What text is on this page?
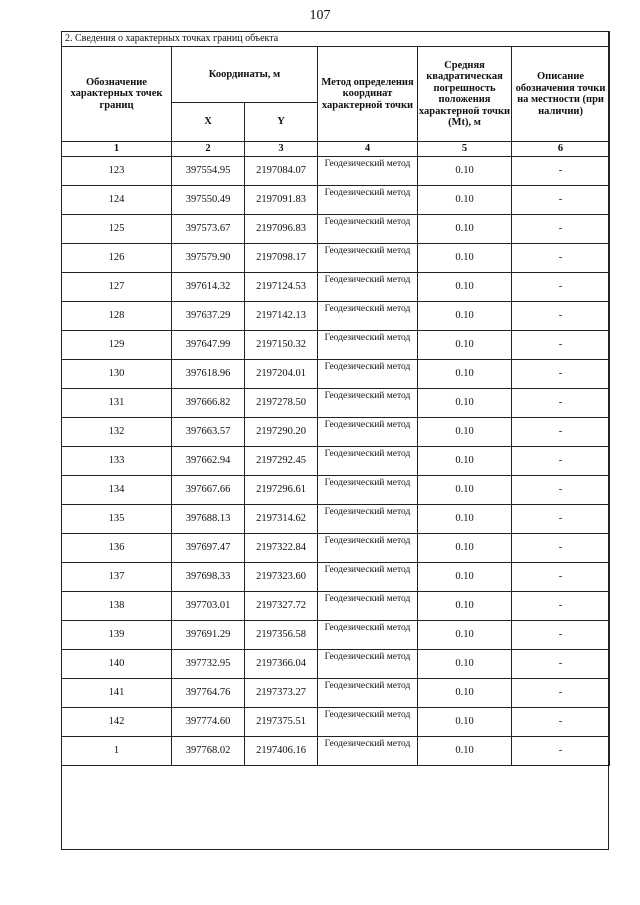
107
2. Сведения о характерных точках границ объекта					
Обозначение характерных точек границ	Координаты, м		Метод определения координат характерной точки	Средняя квадратическая погрешность положения характерной точки (Mt), м	Описание обозначения точки на местности (при наличии)
	X	Y			
1	2	3	4	5	6
123	397554.95	2197084.07	Геодезический метод	0.10	-
124	397550.49	2197091.83	Геодезический метод	0.10	-
125	397573.67	2197096.83	Геодезический метод	0.10	-
126	397579.90	2197098.17	Геодезический метод	0.10	-
127	397614.32	2197124.53	Геодезический метод	0.10	-
128	397637.29	2197142.13	Геодезический метод	0.10	-
129	397647.99	2197150.32	Геодезический метод	0.10	-
130	397618.96	2197204.01	Геодезический метод	0.10	-
131	397666.82	2197278.50	Геодезический метод	0.10	-
132	397663.57	2197290.20	Геодезический метод	0.10	-
133	397662.94	2197292.45	Геодезический метод	0.10	-
134	397667.66	2197296.61	Геодезический метод	0.10	-
135	397688.13	2197314.62	Геодезический метод	0.10	-
136	397697.47	2197322.84	Геодезический метод	0.10	-
137	397698.33	2197323.60	Геодезический метод	0.10	-
138	397703.01	2197327.72	Геодезический метод	0.10	-
139	397691.29	2197356.58	Геодезический метод	0.10	-
140	397732.95	2197366.04	Геодезический метод	0.10	-
141	397764.76	2197373.27	Геодезический метод	0.10	-
142	397774.60	2197375.51	Геодезический метод	0.10	-
1	397768.02	2197406.16	Геодезический метод	0.10	-
